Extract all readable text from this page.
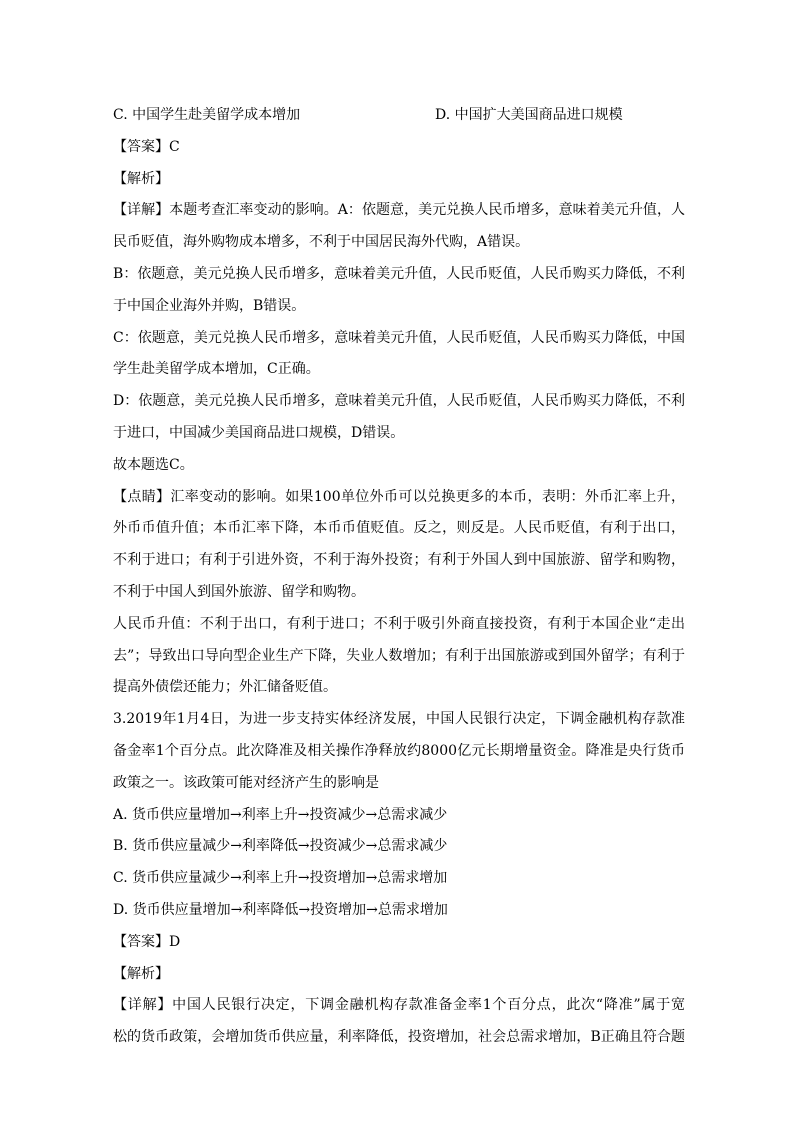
C. 中国学生赴美留学成本增加	D. 中国扩大美国商品进口规模
【答案】C
【解析】
【详解】本题考查汇率变动的影响。A：依题意，美元兑换人民币增多，意味着美元升值，人
民币贬值，海外购物成本增多，不利于中国居民海外代购，A错误。
B：依题意，美元兑换人民币增多，意味着美元升值，人民币贬值，人民币购买力降低，不利
于中国企业海外并购，B错误。
C：依题意，美元兑换人民币增多，意味着美元升值，人民币贬值，人民币购买力降低，中国
学生赴美留学成本增加，C正确。
D：依题意，美元兑换人民币增多，意味着美元升值，人民币贬值，人民币购买力降低，不利
于进口，中国减少美国商品进口规模，D错误。
故本题选C。
【点睛】汇率变动的影响。如果100单位外币可以兑换更多的本币，表明：外币汇率上升，
外币币值升值；本币汇率下降，本币币值贬值。反之，则反是。人民币贬值，有利于出口，
不利于进口；有利于引进外资，不利于海外投资；有利于外国人到中国旅游、留学和购物，
不利于中国人到国外旅游、留学和购物。
人民币升值：不利于出口，有利于进口；不利于吸引外商直接投资，有利于本国企业“走出
去”；导致出口导向型企业生产下降，失业人数增加；有利于出国旅游或到国外留学；有利于
提高外债偿还能力；外汇储备贬值。
3.2019年1月4日，为进一步支持实体经济发展，中国人民银行决定，下调金融机构存款准
备金率1个百分点。此次降准及相关操作净释放约8000亿元长期增量资金。降准是央行货币
政策之一。该政策可能对经济产生的影响是
A. 货币供应量增加→利率上升→投资减少→总需求减少
B. 货币供应量减少→利率降低→投资减少→总需求减少
C. 货币供应量减少→利率上升→投资增加→总需求增加
D. 货币供应量增加→利率降低→投资增加→总需求增加
【答案】D
【解析】
【详解】中国人民银行决定，下调金融机构存款准备金率1个百分点，此次“降准”属于宽
松的货币政策，会增加货币供应量，利率降低，投资增加，社会总需求增加，B正确且符合题
